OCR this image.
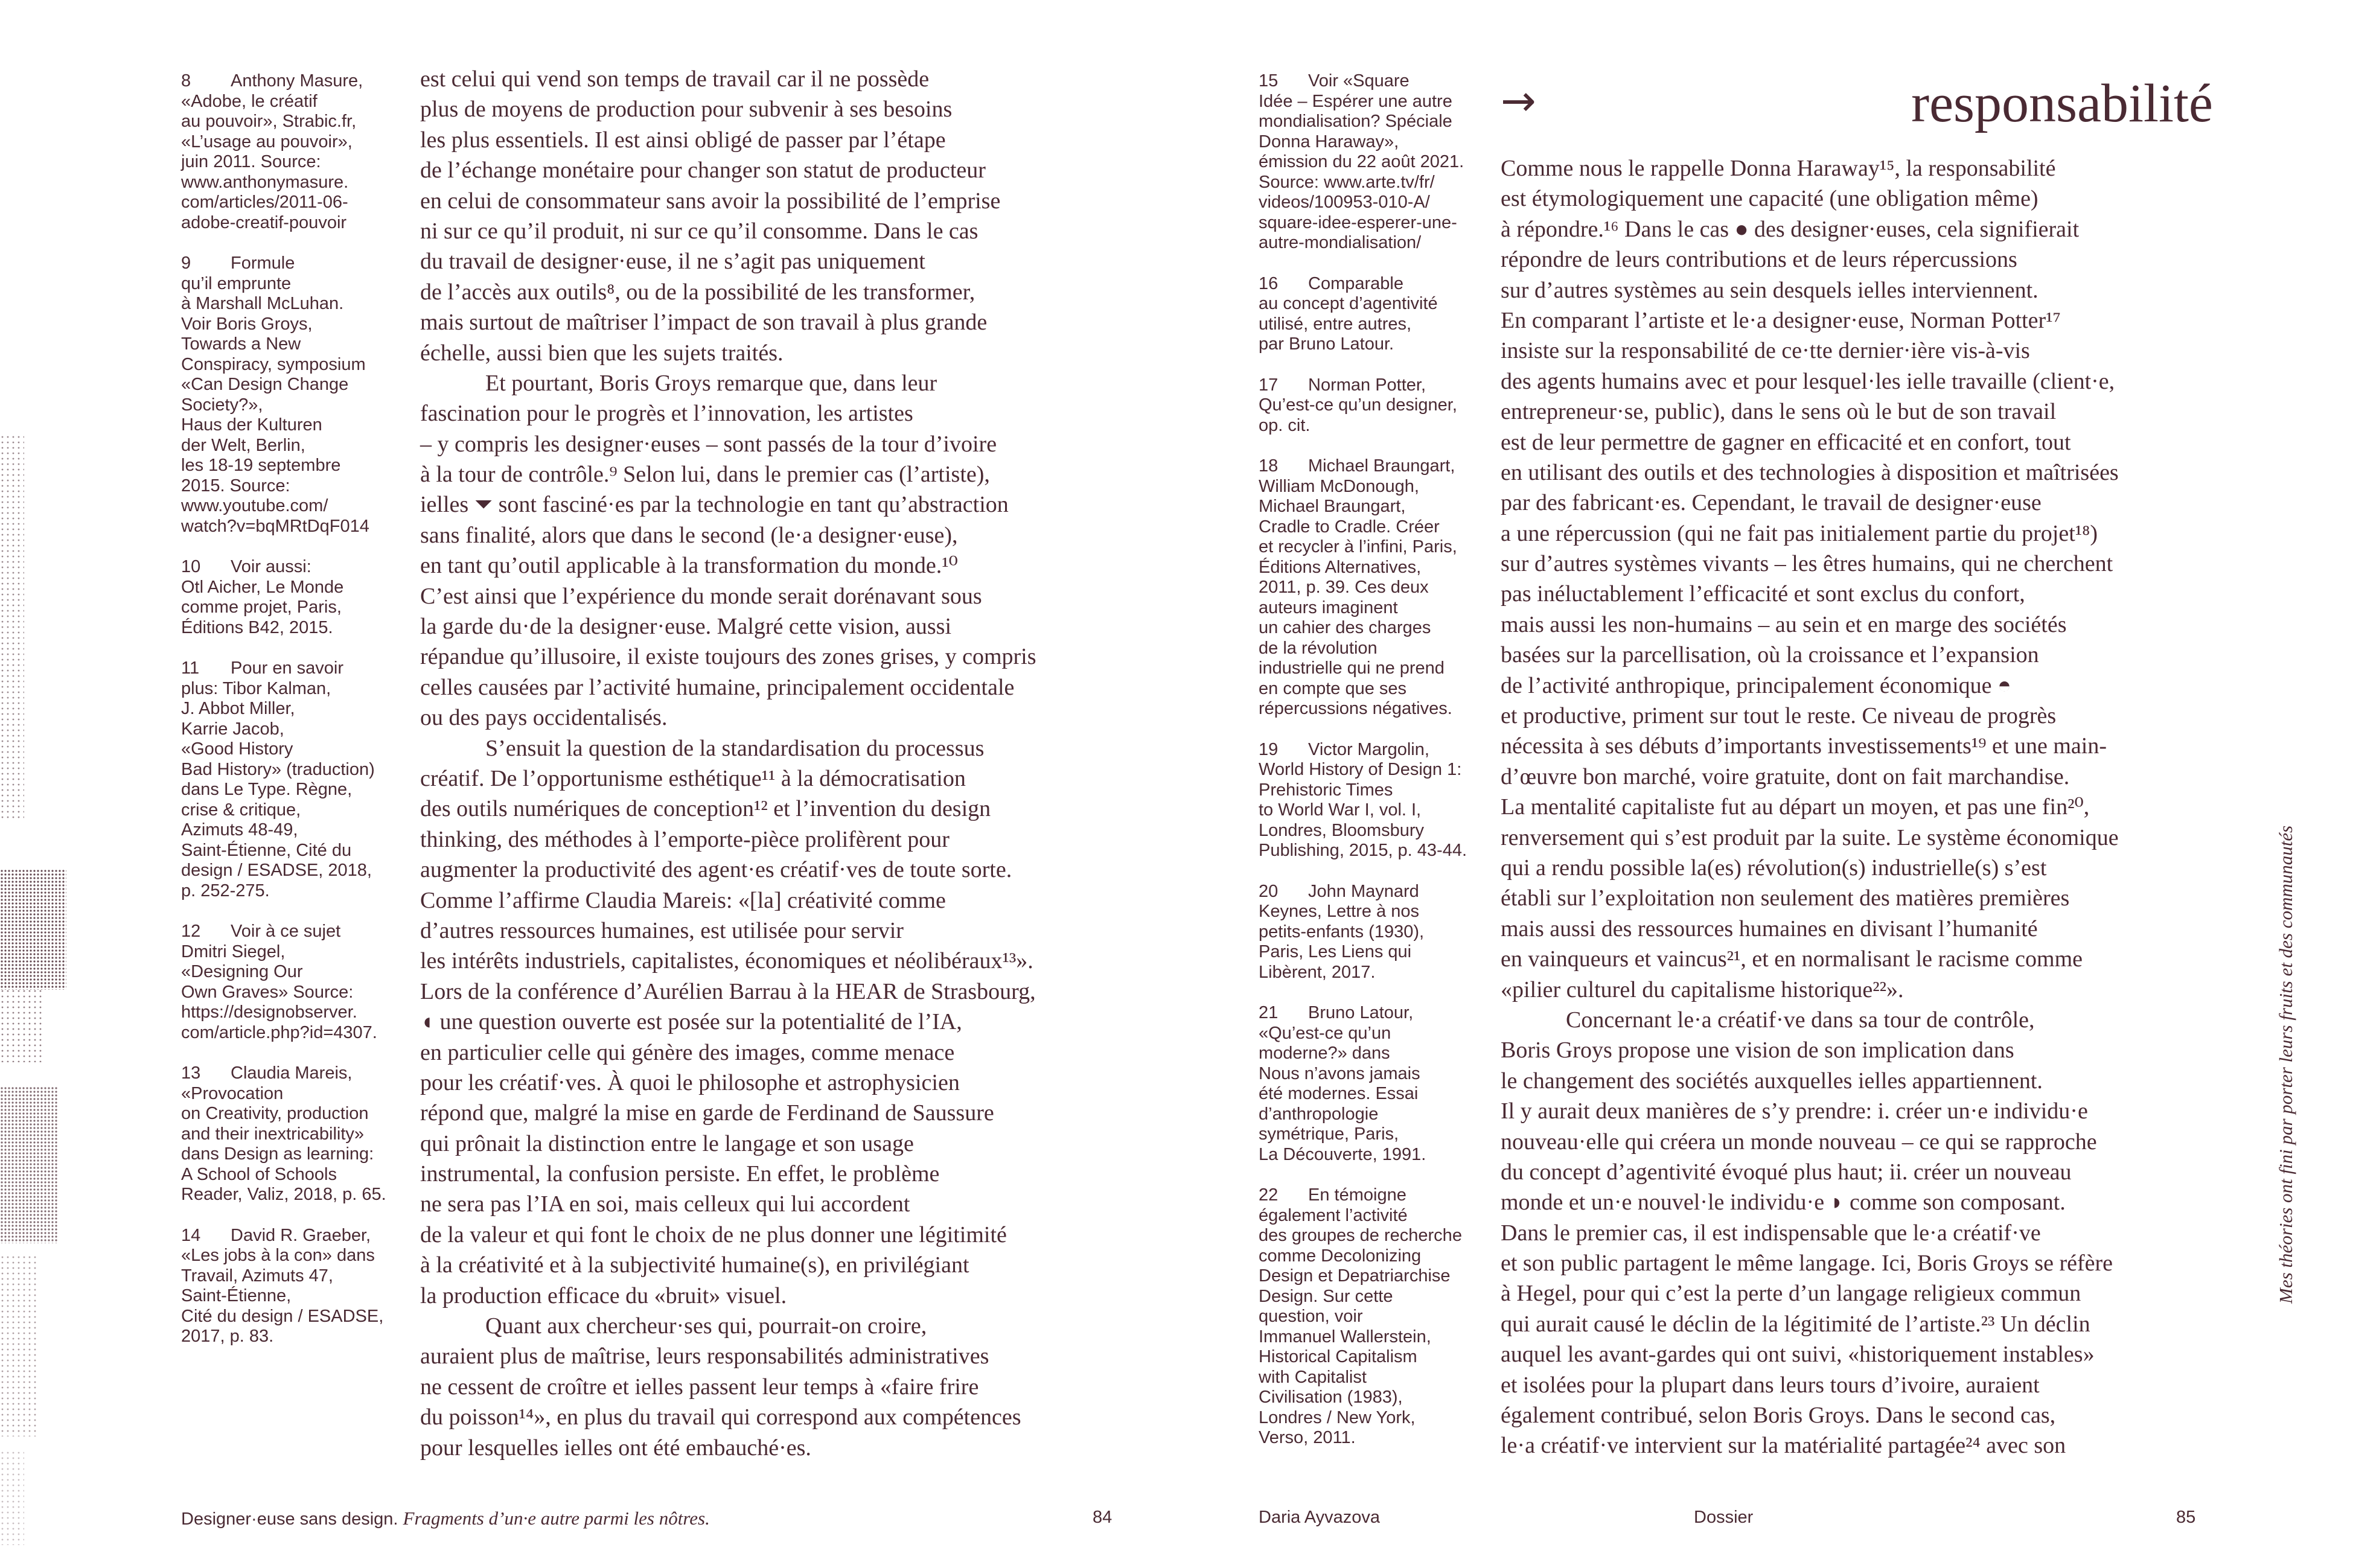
8 Anthony Masure,
«Adobe, le créatif
au pouvoir», Strabic.fr,
«L’usage au pouvoir»,
juin 2011. Source:
www.anthonymasure.
com/articles/2011-06-
adobe-creatif-pouvoir
9 Formule
qu’il emprunte
à Marshall McLuhan.
Voir Boris Groys,
Towards a New
Conspiracy, symposium
«Can Design Change
Society?»,
Haus der Kulturen
der Welt, Berlin,
les 18-19 septembre
2015. Source:
www.youtube.com/
watch?v=bqMRtDqF014
10 Voir aussi:
Otl Aicher, Le Monde
comme projet, Paris,
Éditions B42, 2015.
11 Pour en savoir
plus: Tibor Kalman,
J. Abbot Miller,
Karrie Jacob,
«Good History
Bad History» (traduction)
dans Le Type. Règne,
crise & critique,
Azimuts 48-49,
Saint-Étienne, Cité du
design / ESADSE, 2018,
p. 252-275.
12 Voir à ce sujet
Dmitri Siegel,
«Designing Our
Own Graves» Source:
https://designobserver.
com/article.php?id=4307.
13 Claudia Mareis,
«Provocation
on Creativity, production
and their inextricability»
dans Design as learning:
A School of Schools
Reader, Valiz, 2018, p. 65.
14 David R. Graeber,
«Les jobs à la con» dans
Travail, Azimuts 47,
Saint-Étienne,
Cité du design / ESADSE,
2017, p. 83.
est celui qui vend son temps de travail car il ne possède
plus de moyens de production pour subvenir à ses besoins
les plus essentiels. Il est ainsi obligé de passer par l’étape
de l’échange monétaire pour changer son statut de producteur
en celui de consommateur sans avoir la possibilité de l’emprise
ni sur ce qu’il produit, ni sur ce qu’il consomme. Dans le cas
du travail de designer·euse, il ne s’agit pas uniquement
de l’accès aux outils⁸, ou de la possibilité de les transformer,
mais surtout de maîtriser l’impact de son travail à plus grande
échelle, aussi bien que les sujets traités.
Et pourtant, Boris Groys remarque que, dans leur
fascination pour le progrès et l’innovation, les artistes
– y compris les designer·euses – sont passés de la tour d’ivoire
à la tour de contrôle.⁹ Selon lui, dans le premier cas (l’artiste),
ielles ⏷ sont fasciné·es par la technologie en tant qu’abstraction
sans finalité, alors que dans le second (le·a designer·euse),
en tant qu’outil applicable à la transformation du monde.¹⁰
C’est ainsi que l’expérience du monde serait dorénavant sous
la garde du·de la designer·euse. Malgré cette vision, aussi
répandue qu’illusoire, il existe toujours des zones grises, y compris
celles causées par l’activité humaine, principalement occidentale
ou des pays occidentalisés.
S’ensuit la question de la standardisation du processus
créatif. De l’opportunisme esthétique¹¹ à la démocratisation
des outils numériques de conception¹² et l’invention du design
thinking, des méthodes à l’emporte-pièce prolifèrent pour
augmenter la productivité des agent·es créatif·ves de toute sorte.
Comme l’affirme Claudia Mareis: «[la] créativité comme
d’autres ressources humaines, est utilisée pour servir
les intérêts industriels, capitalistes, économiques et néolibéraux¹³».
Lors de la conférence d’Aurélien Barrau à la HEAR de Strasbourg,
◖ une question ouverte est posée sur la potentialité de l’IA,
en particulier celle qui génère des images, comme menace
pour les créatif·ves. À quoi le philosophe et astrophysicien
répond que, malgré la mise en garde de Ferdinand de Saussure
qui prônait la distinction entre le langage et son usage
instrumental, la confusion persiste. En effet, le problème
ne sera pas l’IA en soi, mais celleux qui lui accordent
de la valeur et qui font le choix de ne plus donner une légitimité
à la créativité et à la subjectivité humaine(s), en privilégiant
la production efficace du «bruit» visuel.
Quant aux chercheur·ses qui, pourrait-on croire,
auraient plus de maîtrise, leurs responsabilités administratives
ne cessent de croître et ielles passent leur temps à «faire frire
du poisson¹⁴», en plus du travail qui correspond aux compétences
pour lesquelles ielles ont été embauché·es.
Designer·euse sans design. Fragments d’un·e autre parmi les nôtres.	84
15 Voir «Square
Idée – Espérer une autre
mondialisation? Spéciale
Donna Haraway»,
émission du 22 août 2021.
Source: www.arte.tv/fr/
videos/100953-010-A/
square-idee-esperer-une-
autre-mondialisation/
16 Comparable
au concept d’agentivité
utilisé, entre autres,
par Bruno Latour.
17 Norman Potter,
Qu’est-ce qu’un designer,
op. cit.
18 Michael Braungart,
William McDonough,
Michael Braungart,
Cradle to Cradle. Créer
et recycler à l’infini, Paris,
Éditions Alternatives,
2011, p. 39. Ces deux
auteurs imaginent
un cahier des charges
de la révolution
industrielle qui ne prend
en compte que ses
répercussions négatives.
19 Victor Margolin,
World History of Design 1:
Prehistoric Times
to World War I, vol. I,
Londres, Bloomsbury
Publishing, 2015, p. 43-44.
20 John Maynard
Keynes, Lettre à nos
petits-enfants (1930),
Paris, Les Liens qui
Libèrent, 2017.
21 Bruno Latour,
«Qu’est-ce qu’un
moderne?» dans
Nous n’avons jamais
été modernes. Essai
d’anthropologie
symétrique, Paris,
La Découverte, 1991.
22 En témoigne
également l’activité
des groupes de recherche
comme Decolonizing
Design et Depatriarchise
Design. Sur cette
question, voir
Immanuel Wallerstein,
Historical Capitalism
with Capitalist
Civilisation (1983),
Londres / New York,
Verso, 2011.
→	responsabilité
Comme nous le rappelle Donna Haraway¹⁵, la responsabilité
est étymologiquement une capacité (une obligation même)
à répondre.¹⁶ Dans le cas ● des designer·euses, cela signifierait
répondre de leurs contributions et de leurs répercussions
sur d’autres systèmes au sein desquels ielles interviennent.
En comparant l’artiste et le·a designer·euse, Norman Potter¹⁷
insiste sur la responsabilité de ce·tte dernier·ière vis-à-vis
des agents humains avec et pour lesquel·les ielle travaille (client·e,
entrepreneur·se, public), dans le sens où le but de son travail
est de leur permettre de gagner en efficacité et en confort, tout
en utilisant des outils et des technologies à disposition et maîtrisées
par des fabricant·es. Cependant, le travail de designer·euse
a une répercussion (qui ne fait pas initialement partie du projet¹⁸)
sur d’autres systèmes vivants – les êtres humains, qui ne cherchent
pas inéluctablement l’efficacité et sont exclus du confort,
mais aussi les non-humains – au sein et en marge des sociétés
basées sur la parcellisation, où la croissance et l’expansion
de l’activité anthropique, principalement économique ◓
et productive, priment sur tout le reste. Ce niveau de progrès
nécessita à ses débuts d’importants investissements¹⁹ et une main-
d’œuvre bon marché, voire gratuite, dont on fait marchandise.
La mentalité capitaliste fut au départ un moyen, et pas une fin²⁰,
renversement qui s’est produit par la suite. Le système économique
qui a rendu possible la(es) révolution(s) industrielle(s) s’est
établi sur l’exploitation non seulement des matières premières
mais aussi des ressources humaines en divisant l’humanité
en vainqueurs et vaincus²¹, et en normalisant le racisme comme
«pilier culturel du capitalisme historique²²».
Concernant le·a créatif·ve dans sa tour de contrôle,
Boris Groys propose une vision de son implication dans
le changement des sociétés auxquelles ielles appartiennent.
Il y aurait deux manières de s’y prendre: i. créer un·e individu·e
nouveau·elle qui créera un monde nouveau – ce qui se rapproche
du concept d’agentivité évoqué plus haut; ii. créer un nouveau
monde et un·e nouvel·le individu·e ◗ comme son composant.
Dans le premier cas, il est indispensable que le·a créatif·ve
et son public partagent le même langage. Ici, Boris Groys se réfère
à Hegel, pour qui c’est la perte d’un langage religieux commun
qui aurait causé le déclin de la légitimité de l’artiste.²³ Un déclin
auquel les avant-gardes qui ont suivi, «historiquement instables»
et isolées pour la plupart dans leurs tours d’ivoire, auraient
également contribué, selon Boris Groys. Dans le second cas,
le·a créatif·ve intervient sur la matérialité partagée²⁴ avec son
Mes théories ont fini par porter leurs fruits et des communautés
Daria Ayvazova	Dossier	85
